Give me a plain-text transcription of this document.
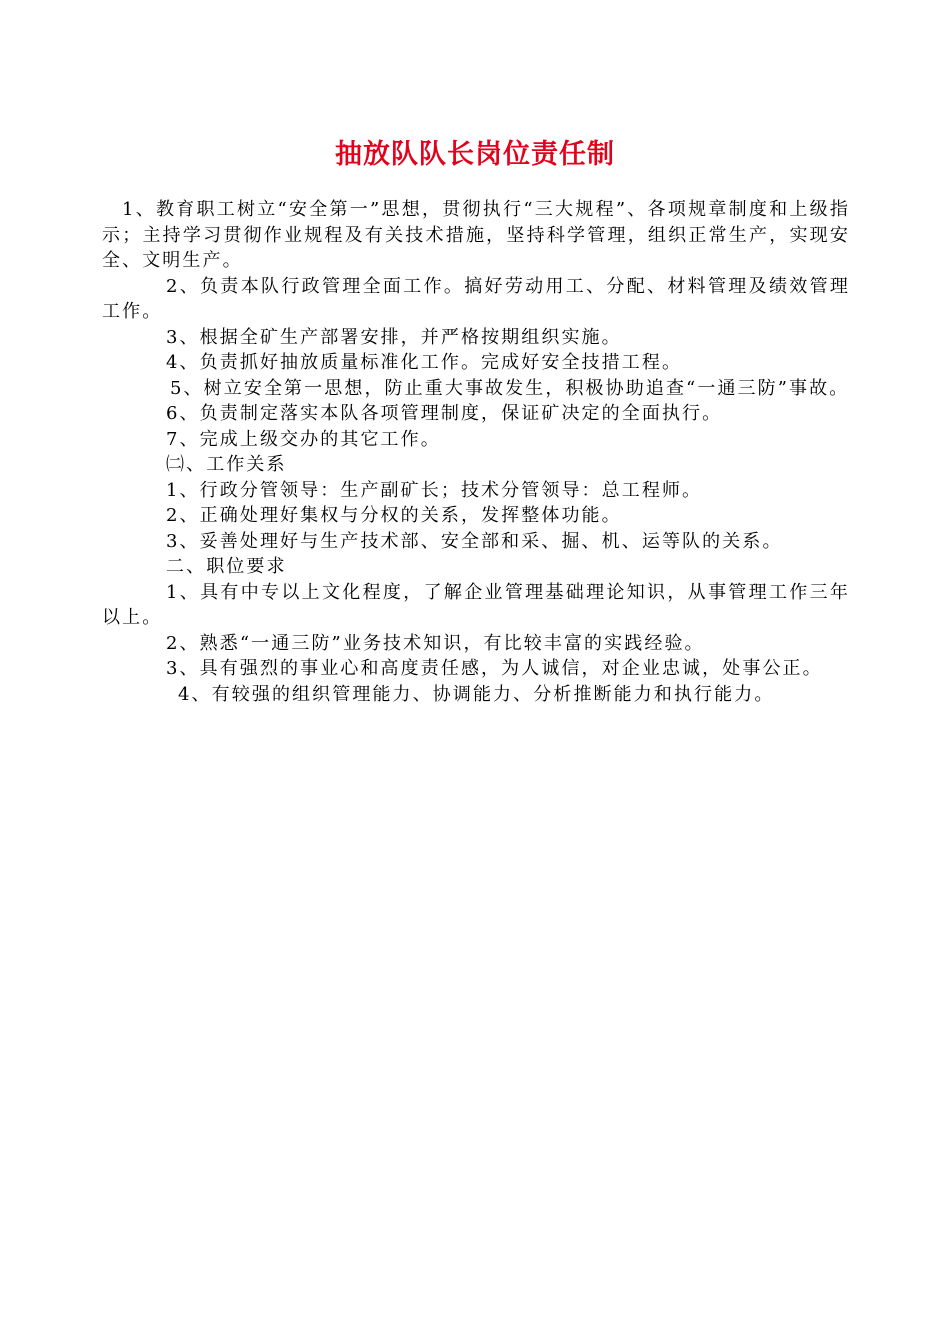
抽放队队长岗位责任制

1、教育职工树立“安全第一”思想，贯彻执行“三大规程”、各项规章制度和上级指示；主持学习贯彻作业规程及有关技术措施，坚持科学管理，组织正常生产，实现安全、文明生产。

2、负责本队行政管理全面工作。搞好劳动用工、分配、材料管理及绩效管理工作。

3、根据全矿生产部署安排，并严格按期组织实施。

4、负责抓好抽放质量标准化工作。完成好安全技措工程。

5、树立安全第一思想，防止重大事故发生，积极协助追查“一通三防”事故。

6、负责制定落实本队各项管理制度，保证矿决定的全面执行。

7、完成上级交办的其它工作。

㈡、工作关系

1、行政分管领导：生产副矿长；技术分管领导：总工程师。

2、正确处理好集权与分权的关系，发挥整体功能。

3、妥善处理好与生产技术部、安全部和采、掘、机、运等队的关系。

二、职位要求

1、具有中专以上文化程度，了解企业管理基础理论知识，从事管理工作三年以上。

2、熟悉“一通三防”业务技术知识，有比较丰富的实践经验。

3、具有强烈的事业心和高度责任感，为人诚信，对企业忠诚，处事公正。

4、有较强的组织管理能力、协调能力、分析推断能力和执行能力。
